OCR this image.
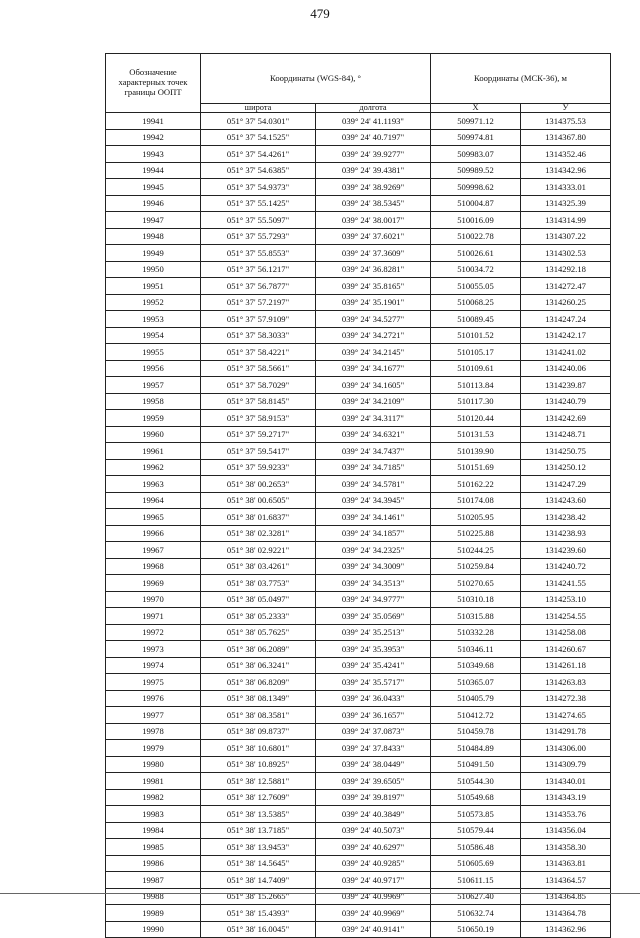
479
Обозначение характерных точек границы ООПТ	Координаты (WGS-84), °		Координаты (МСК-36), м	
	широта	долгота	X	У
19941	051° 37' 54.0301"	039° 24' 41.1193"	509971.12	1314375.53
19942	051° 37' 54.1525"	039° 24' 40.7197"	509974.81	1314367.80
19943	051° 37' 54.4261"	039° 24' 39.9277"	509983.07	1314352.46
19944	051° 37' 54.6385"	039° 24' 39.4381"	509989.52	1314342.96
19945	051° 37' 54.9373"	039° 24' 38.9269"	509998.62	1314333.01
19946	051° 37' 55.1425"	039° 24' 38.5345"	510004.87	1314325.39
19947	051° 37' 55.5097"	039° 24' 38.0017"	510016.09	1314314.99
19948	051° 37' 55.7293"	039° 24' 37.6021"	510022.78	1314307.22
19949	051° 37' 55.8553"	039° 24' 37.3609"	510026.61	1314302.53
19950	051° 37' 56.1217"	039° 24' 36.8281"	510034.72	1314292.18
19951	051° 37' 56.7877"	039° 24' 35.8165"	510055.05	1314272.47
19952	051° 37' 57.2197"	039° 24' 35.1901"	510068.25	1314260.25
19953	051° 37' 57.9109"	039° 24' 34.5277"	510089.45	1314247.24
19954	051° 37' 58.3033"	039° 24' 34.2721"	510101.52	1314242.17
19955	051° 37' 58.4221"	039° 24' 34.2145"	510105.17	1314241.02
19956	051° 37' 58.5661"	039° 24' 34.1677"	510109.61	1314240.06
19957	051° 37' 58.7029"	039° 24' 34.1605"	510113.84	1314239.87
19958	051° 37' 58.8145"	039° 24' 34.2109"	510117.30	1314240.79
19959	051° 37' 58.9153"	039° 24' 34.3117"	510120.44	1314242.69
19960	051° 37' 59.2717"	039° 24' 34.6321"	510131.53	1314248.71
19961	051° 37' 59.5417"	039° 24' 34.7437"	510139.90	1314250.75
19962	051° 37' 59.9233"	039° 24' 34.7185"	510151.69	1314250.12
19963	051° 38' 00.2653"	039° 24' 34.5781"	510162.22	1314247.29
19964	051° 38' 00.6505"	039° 24' 34.3945"	510174.08	1314243.60
19965	051° 38' 01.6837"	039° 24' 34.1461"	510205.95	1314238.42
19966	051° 38' 02.3281"	039° 24' 34.1857"	510225.88	1314238.93
19967	051° 38' 02.9221"	039° 24' 34.2325"	510244.25	1314239.60
19968	051° 38' 03.4261"	039° 24' 34.3009"	510259.84	1314240.72
19969	051° 38' 03.7753"	039° 24' 34.3513"	510270.65	1314241.55
19970	051° 38' 05.0497"	039° 24' 34.9777"	510310.18	1314253.10
19971	051° 38' 05.2333"	039° 24' 35.0569"	510315.88	1314254.55
19972	051° 38' 05.7625"	039° 24' 35.2513"	510332.28	1314258.08
19973	051° 38' 06.2089"	039° 24' 35.3953"	510346.11	1314260.67
19974	051° 38' 06.3241"	039° 24' 35.4241"	510349.68	1314261.18
19975	051° 38' 06.8209"	039° 24' 35.5717"	510365.07	1314263.83
19976	051° 38' 08.1349"	039° 24' 36.0433"	510405.79	1314272.38
19977	051° 38' 08.3581"	039° 24' 36.1657"	510412.72	1314274.65
19978	051° 38' 09.8737"	039° 24' 37.0873"	510459.78	1314291.78
19979	051° 38' 10.6801"	039° 24' 37.8433"	510484.89	1314306.00
19980	051° 38' 10.8925"	039° 24' 38.0449"	510491.50	1314309.79
19981	051° 38' 12.5881"	039° 24' 39.6505"	510544.30	1314340.01
19982	051° 38' 12.7609"	039° 24' 39.8197"	510549.68	1314343.19
19983	051° 38' 13.5385"	039° 24' 40.3849"	510573.85	1314353.76
19984	051° 38' 13.7185"	039° 24' 40.5073"	510579.44	1314356.04
19985	051° 38' 13.9453"	039° 24' 40.6297"	510586.48	1314358.30
19986	051° 38' 14.5645"	039° 24' 40.9285"	510605.69	1314363.81
19987	051° 38' 14.7409"	039° 24' 40.9717"	510611.15	1314364.57
19988	051° 38' 15.2665"	039° 24' 40.9969"	510627.40	1314364.85
19989	051° 38' 15.4393"	039° 24' 40.9969"	510632.74	1314364.78
19990	051° 38' 16.0045"	039° 24' 40.9141"	510650.19	1314362.96
